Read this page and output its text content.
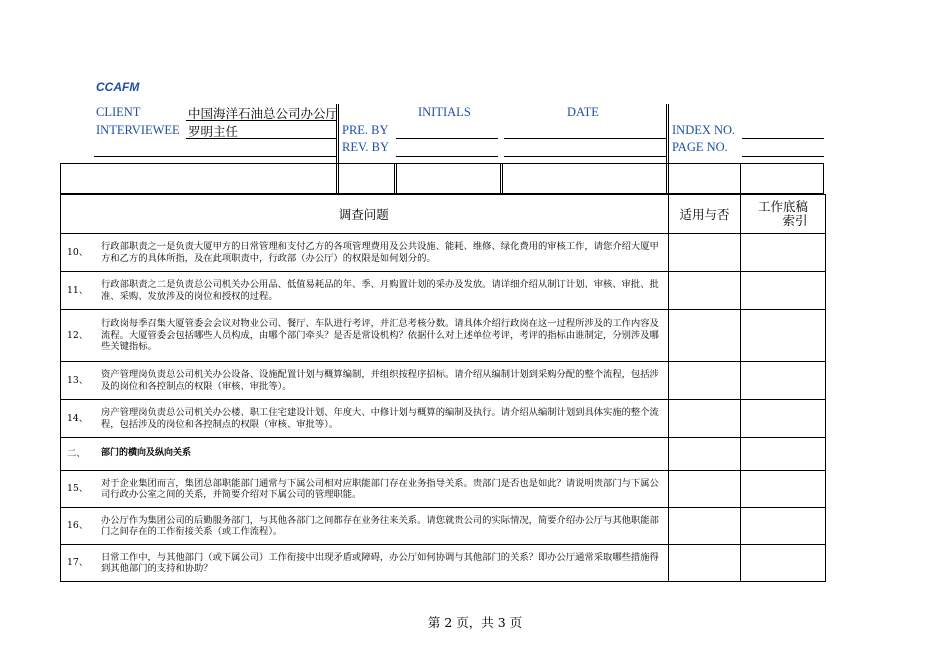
CCAFM
CLIENT	中国海洋石油总公司办公厅	INITIALS	DATE
INTERVIEWEE 罗明主任	PRE. BY
REV. BY
INDEX NO.
PAGE NO.
调查问题		适用与否	工作底稿
索引

10、
行政部职责之一是负责大厦甲方的日常管理和支付乙方的各项管理费用及公共设施、能耗、维修、绿化费用的审核工作，请您介绍大厦甲方和乙方的具体所指，及在此项职责中，行政部（办公厅）的权限是如何划分的。			

11、
行政部职责之二是负责总公司机关办公用品、低值易耗品的年、季、月购置计划的采办及发放。请详细介绍从制订计划、审核、审批、批准、采购、发放涉及的岗位和授权的过程。			

12、
行政岗每季召集大厦管委会会议对物业公司、餐厅、车队进行考评，并汇总考核分数。请具体介绍行政岗在这一过程所涉及的工作内容及流程。大厦管委会包括哪些人员构成，由哪个部门牵头？是否是常设机构？依据什么对上述单位考评，考评的指标由谁制定，分别涉及哪些关键指标。			

13、
资产管理岗负责总公司机关办公设备、设施配置计划与概算编制，并组织按程序招标。请介绍从编制计划到采购分配的整个流程，包括涉及的岗位和各控制点的权限（审核、审批等）。			

14、
房产管理岗负责总公司机关办公楼、职工住宅建设计划、年度大、中修计划与概算的编制及执行。请介绍从编制计划到具体实施的整个流程，包括涉及的岗位和各控制点的权限（审核、审批等）。			

二、 部门的横向及纵向关系			

15、
对于企业集团而言，集团总部职能部门通常与下属公司相对应职能部门存在业务指导关系。贵部门是否也是如此？请说明贵部门与下属公司行政办公室之间的关系，并简要介绍对下属公司的管理职能。			

16、
办公厅作为集团公司的后勤服务部门，与其他各部门之间都存在业务往来关系。请您就贵公司的实际情况，简要介绍办公厅与其他职能部门之间存在的工作衔接关系（或工作流程）。			

17、
日常工作中，与其他部门（或下属公司）工作衔接中出现矛盾或障碍，办公厅如何协调与其他部门的关系？即办公厅通常采取哪些措施得到其他部门的支持和协助？			

第 2 页，共 3 页
